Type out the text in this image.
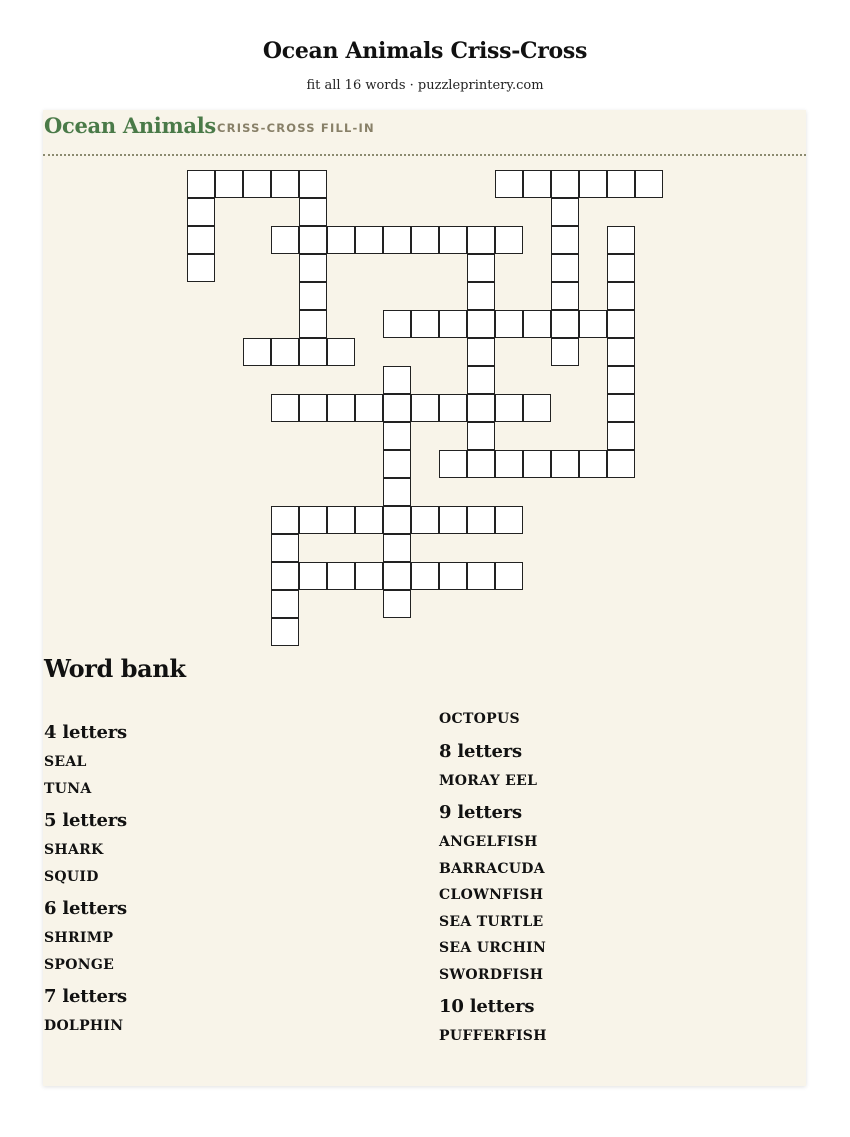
Ocean Animals Criss-Cross
fit all 16 words · puzzleprintery.com
Ocean Animals CRISS-CROSS FILL-IN
Word bank
4 letters
SEAL
TUNA
5 letters
SHARK
SQUID
6 letters
SHRIMP
SPONGE
7 letters
DOLPHIN
OCTOPUS
8 letters
MORAY EEL
9 letters
ANGELFISH
BARRACUDA
CLOWNFISH
SEA TURTLE
SEA URCHIN
SWORDFISH
10 letters
PUFFERFISH
